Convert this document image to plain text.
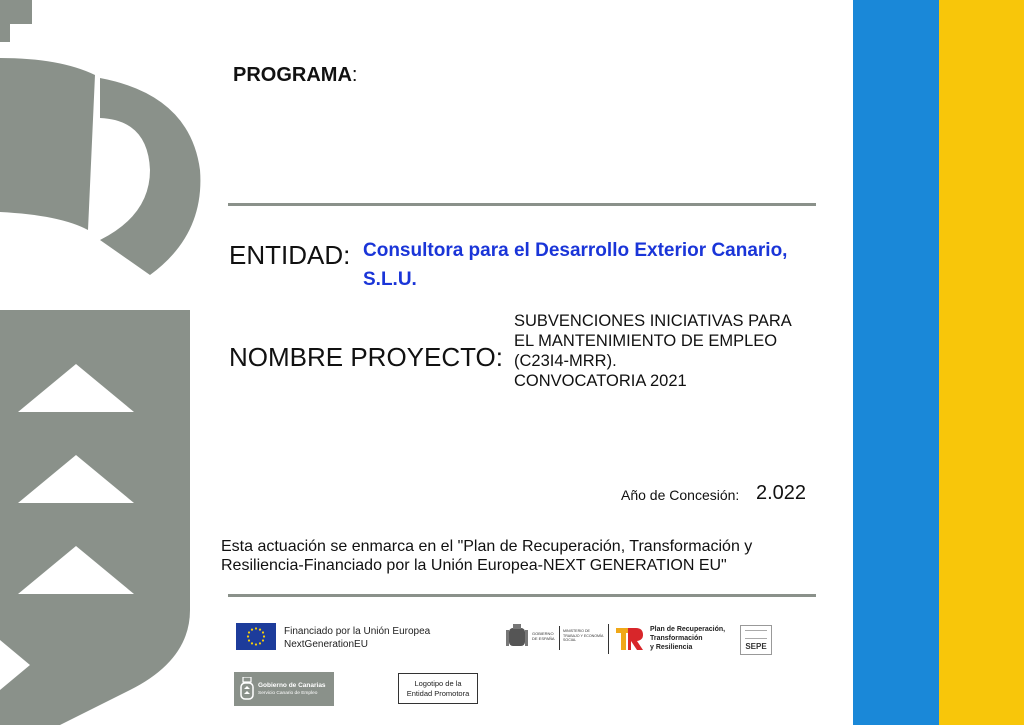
PROGRAMA:
ENTIDAD: Consultora para el Desarrollo Exterior Canario,
S.L.U.
NOMBRE PROYECTO:
SUBVENCIONES INICIATIVAS PARA
EL MANTENIMIENTO DE EMPLEO
(C23I4-MRR).
CONVOCATORIA 2021
Año de Concesión: 2.022
Esta actuación se enmarca en el "Plan de Recuperación, Transformación y
Resiliencia-Financiado por la Unión Europea-NEXT GENERATION EU"
Financiado por la Unión Europea
NextGenerationEU
GOBIERNO DE ESPAÑA
MINISTERIO DE TRABAJO Y ECONOMÍA SOCIAL
Plan de Recuperación,
Transformación
y Resiliencia	SEPE
Gobierno de Canarias
Servicio Canario de Empleo
Logotipo de la
Entidad Promotora
